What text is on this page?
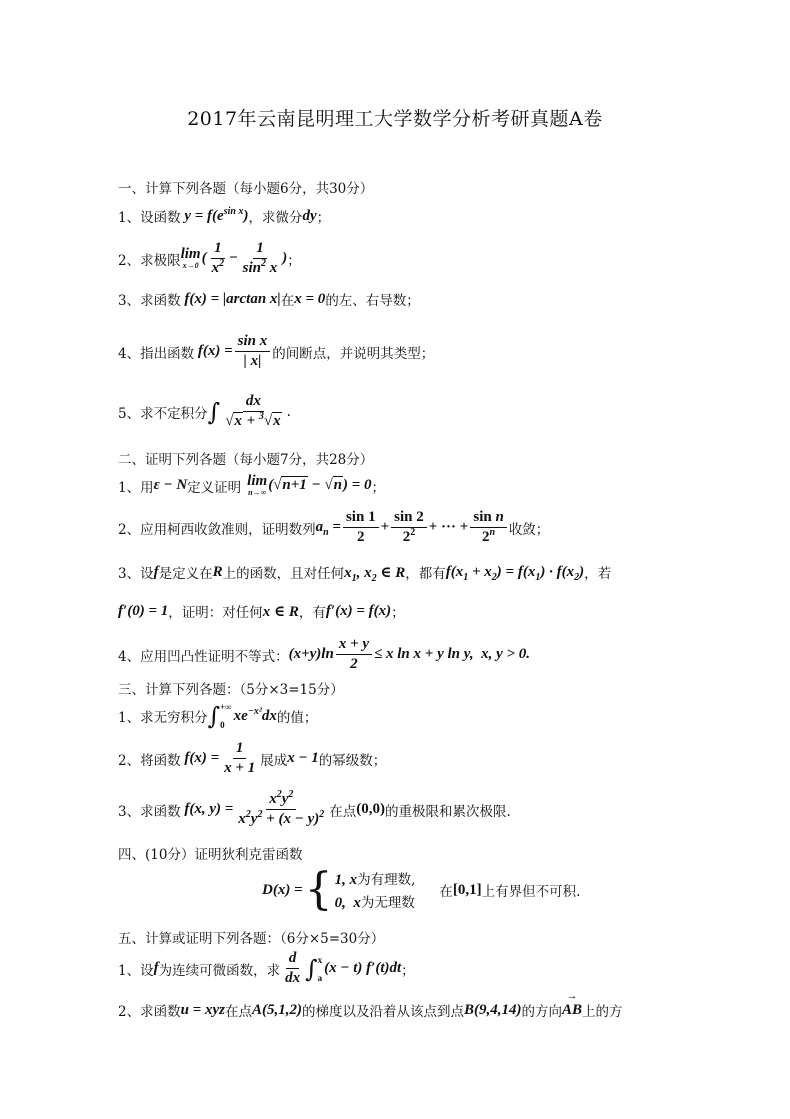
2017年云南昆明理工大学数学分析考研真题A卷
一、计算下列各题（每小题6分，共30分）
1、设函数 $y = f(e^{sin x})$ ，求微分 dy ；
2、求极限 lim
x→0 ( $\frac{1}{x^2} - \frac{1}{\sin^2 x}$ ) ；
3、求函数 f(x) = |arctan x| 在 x = 0 的左、右导数；
4、指出函数 $f(x) = \frac{\text{sin x}}{| x|}$ 的间断点，并说明其类型；
5、求不定积分 ∫ $\frac{dx}{√x + ^3√x}$ .
二、证明下列各题（每小题7分，共28分）
1、用 ε − N 定义证明 lim
n→∞ (√n+1 − √n) = 0 ；
2、应用柯西收敛准则，证明数列 $a_n = \frac{\sin 1}{2} + \frac{\sin 2}{2^2}$ + ··· + $\frac{\text{sin n}}{2^n}$ 收敛；
3、设 f 是定义在 R 上的函数，且对任何 $x_1$, $x_2$ ∈ R ，都有 $f(x_1 + x_2) = f(x_1) \cdot f(x_2)$ ，若
f′(0) = 1 ，证明：对任何 x ∈ R ，有 f′(x) = f(x) ；
4、应用凹凸性证明不等式： $(x+y)\ln \frac{x + y}{2} \le x$ ln x + y ln y,  x, y > 0.
三、计算下列各题：（5分×3=15分）
1、求无穷积分 ∫ +∞
0
$xe^{-x^2}dx$ 的值；
2、将函数 $f(x) = \frac{1}{x + 1}$ 展成 x − 1 的幂级数；
3、求函数 f(x, $y) = \frac{x^2y^2}{x^2y^2 + (x - y)^2}$ 在点 (0,0) 的重极限和累次极限.
四、(10分）证明狄利克雷函数
D(x) = { 1, x为有理数,
0,  x为无理数
在 [0,1] 上有界但不可积.
五、计算或证明下列各题：（6分×5=30分）
1、设 f 为连续可微函数，求 $\frac{d}{dx}$ ∫ x
a
(x − t) f′(t)dt ；
2、求函数 u = xyz 在点 A(5,1,2) 的梯度以及沿着从该点到点 B(9,4,14) 的方向
→ AB 上的方
